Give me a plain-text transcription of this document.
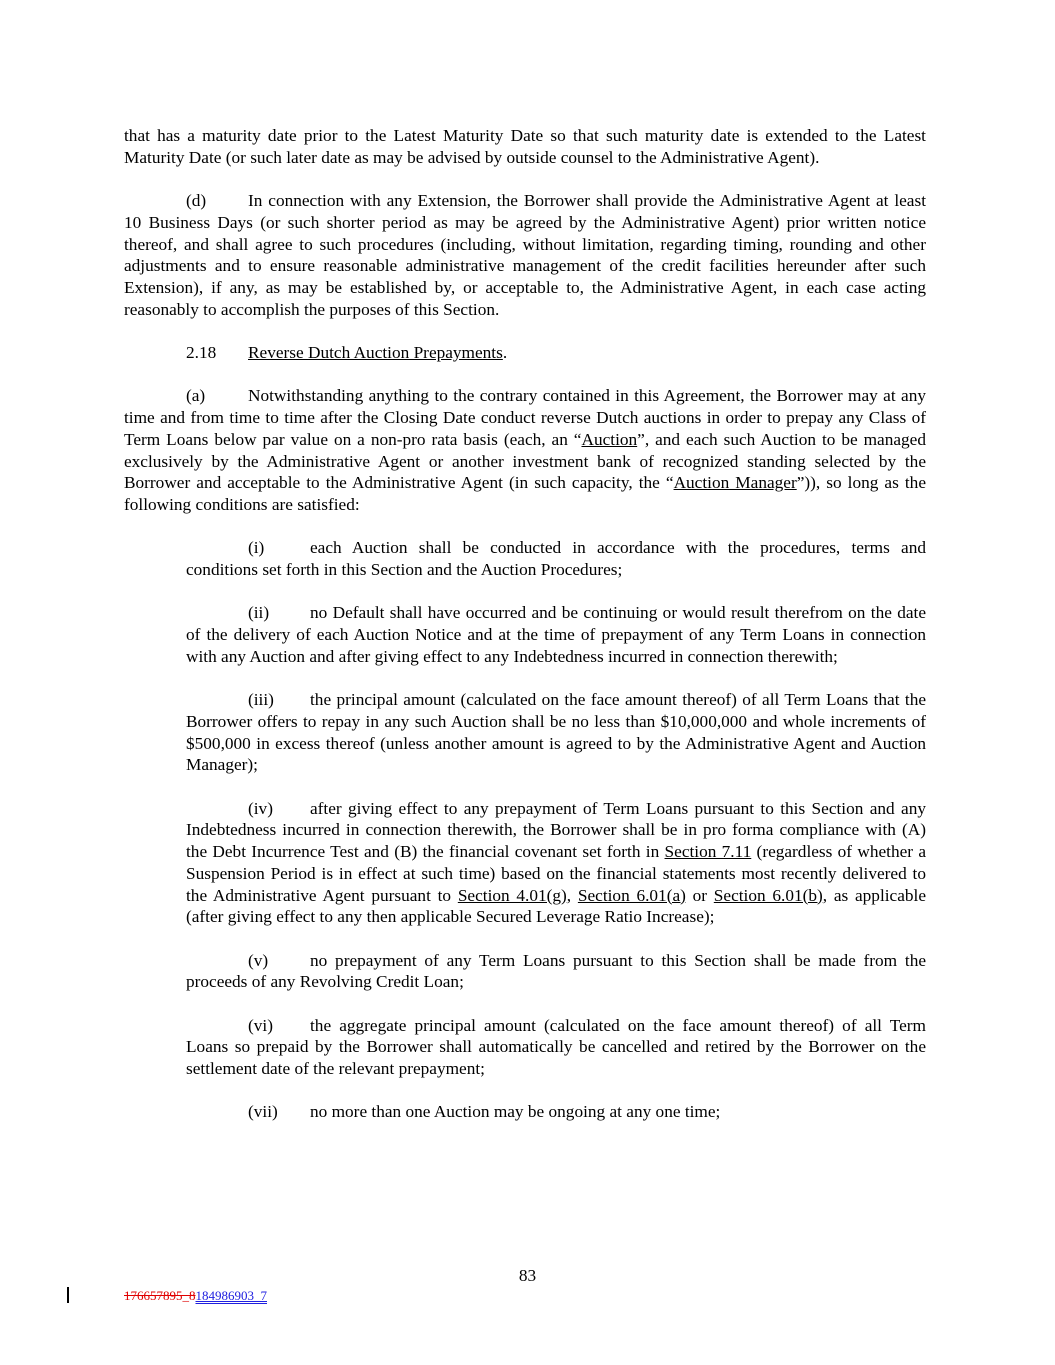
that has a maturity date prior to the Latest Maturity Date so that such maturity date is extended to the Latest Maturity Date (or such later date as may be advised by outside counsel to the Administrative Agent).

(d) In connection with any Extension, the Borrower shall provide the Administrative Agent at least 10 Business Days (or such shorter period as may be agreed by the Administrative Agent) prior written notice thereof, and shall agree to such procedures (including, without limitation, regarding timing, rounding and other adjustments and to ensure reasonable administrative management of the credit facilities hereunder after such Extension), if any, as may be established by, or acceptable to, the Administrative Agent, in each case acting reasonably to accomplish the purposes of this Section.

2.18 Reverse Dutch Auction Prepayments.

(a) Notwithstanding anything to the contrary contained in this Agreement, the Borrower may at any time and from time to time after the Closing Date conduct reverse Dutch auctions in order to prepay any Class of Term Loans below par value on a non-pro rata basis (each, an “Auction”, and each such Auction to be managed exclusively by the Administrative Agent or another investment bank of recognized standing selected by the Borrower and acceptable to the Administrative Agent (in such capacity, the “Auction Manager”)), so long as the following conditions are satisfied:

(i)	each Auction shall be conducted in accordance with the procedures, terms and conditions set forth in this Section and the Auction Procedures;

(ii) no Default shall have occurred and be continuing or would result therefrom on the date of the delivery of each Auction Notice and at the time of prepayment of any Term Loans in connection with any Auction and after giving effect to any Indebtedness incurred in connection therewith;

(iii) the principal amount (calculated on the face amount thereof) of all Term Loans that the Borrower offers to repay in any such Auction shall be no less than $10,000,000 and whole increments of $500,000 in excess thereof (unless another amount is agreed to by the Administrative Agent and Auction Manager);

(iv) after giving effect to any prepayment of Term Loans pursuant to this Section and any Indebtedness incurred in connection therewith, the Borrower shall be in pro forma compliance with (A) the Debt Incurrence Test and (B) the financial covenant set forth in Section 7.11 (regardless of whether a Suspension Period is in effect at such time) based on the financial statements most recently delivered to the Administrative Agent pursuant to Section 4.01(g), Section 6.01(a) or Section 6.01(b), as applicable (after giving effect to any then applicable Secured Leverage Ratio Increase);

(v) no prepayment of any Term Loans pursuant to this Section shall be made from the proceeds of any Revolving Credit Loan;

(vi) the aggregate principal amount (calculated on the face amount thereof) of all Term Loans so prepaid by the Borrower shall automatically be cancelled and retired by the Borrower on the settlement date of the relevant prepayment;

(vii) no more than one Auction may be ongoing at any one time;

83
176657895_8184986903_7
